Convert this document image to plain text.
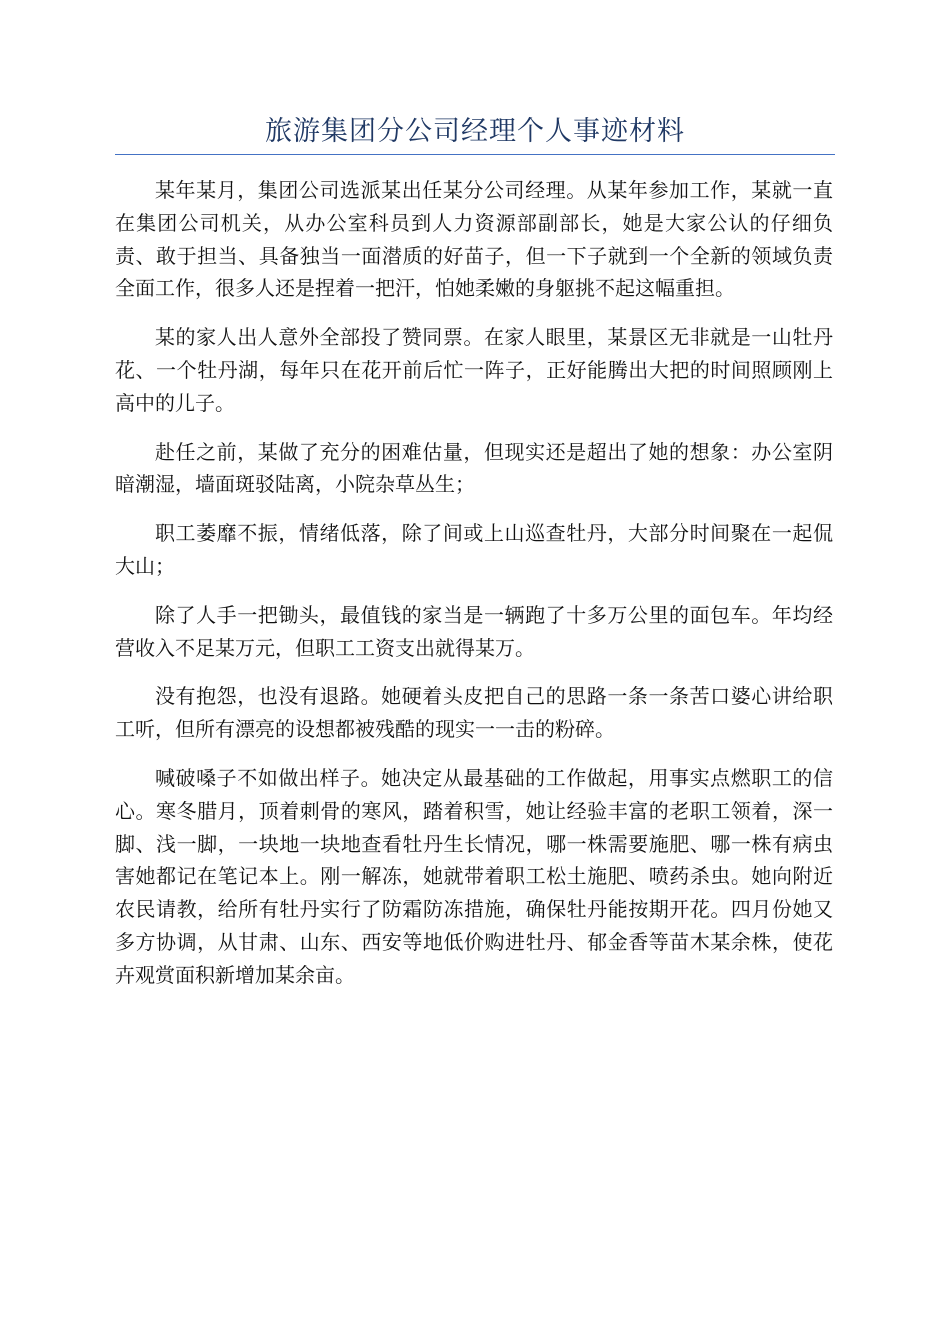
旅游集团分公司经理个人事迹材料

某年某月，集团公司选派某出任某分公司经理。从某年参加工作，某就一直在集团公司机关，从办公室科员到人力资源部副部长，她是大家公认的仔细负责、敢于担当、具备独当一面潜质的好苗子，但一下子就到一个全新的领域负责全面工作，很多人还是捏着一把汗，怕她柔嫩的身躯挑不起这幅重担。

某的家人出人意外全部投了赞同票。在家人眼里，某景区无非就是一山牡丹花、一个牡丹湖，每年只在花开前后忙一阵子，正好能腾出大把的时间照顾刚上高中的儿子。

赴任之前，某做了充分的困难估量，但现实还是超出了她的想象：办公室阴暗潮湿，墙面斑驳陆离，小院杂草丛生；

职工萎靡不振，情绪低落，除了间或上山巡查牡丹，大部分时间聚在一起侃大山；

除了人手一把锄头，最值钱的家当是一辆跑了十多万公里的面包车。年均经营收入不足某万元，但职工工资支出就得某万。

没有抱怨，也没有退路。她硬着头皮把自己的思路一条一条苦口婆心讲给职工听，但所有漂亮的设想都被残酷的现实一一击的粉碎。

喊破嗓子不如做出样子。她决定从最基础的工作做起，用事实点燃职工的信心。寒冬腊月，顶着刺骨的寒风，踏着积雪，她让经验丰富的老职工领着，深一脚、浅一脚，一块地一块地查看牡丹生长情况，哪一株需要施肥、哪一株有病虫害她都记在笔记本上。刚一解冻，她就带着职工松土施肥、喷药杀虫。她向附近农民请教，给所有牡丹实行了防霜防冻措施，确保牡丹能按期开花。四月份她又多方协调，从甘肃、山东、西安等地低价购进牡丹、郁金香等苗木某余株，使花卉观赏面积新增加某余亩。
